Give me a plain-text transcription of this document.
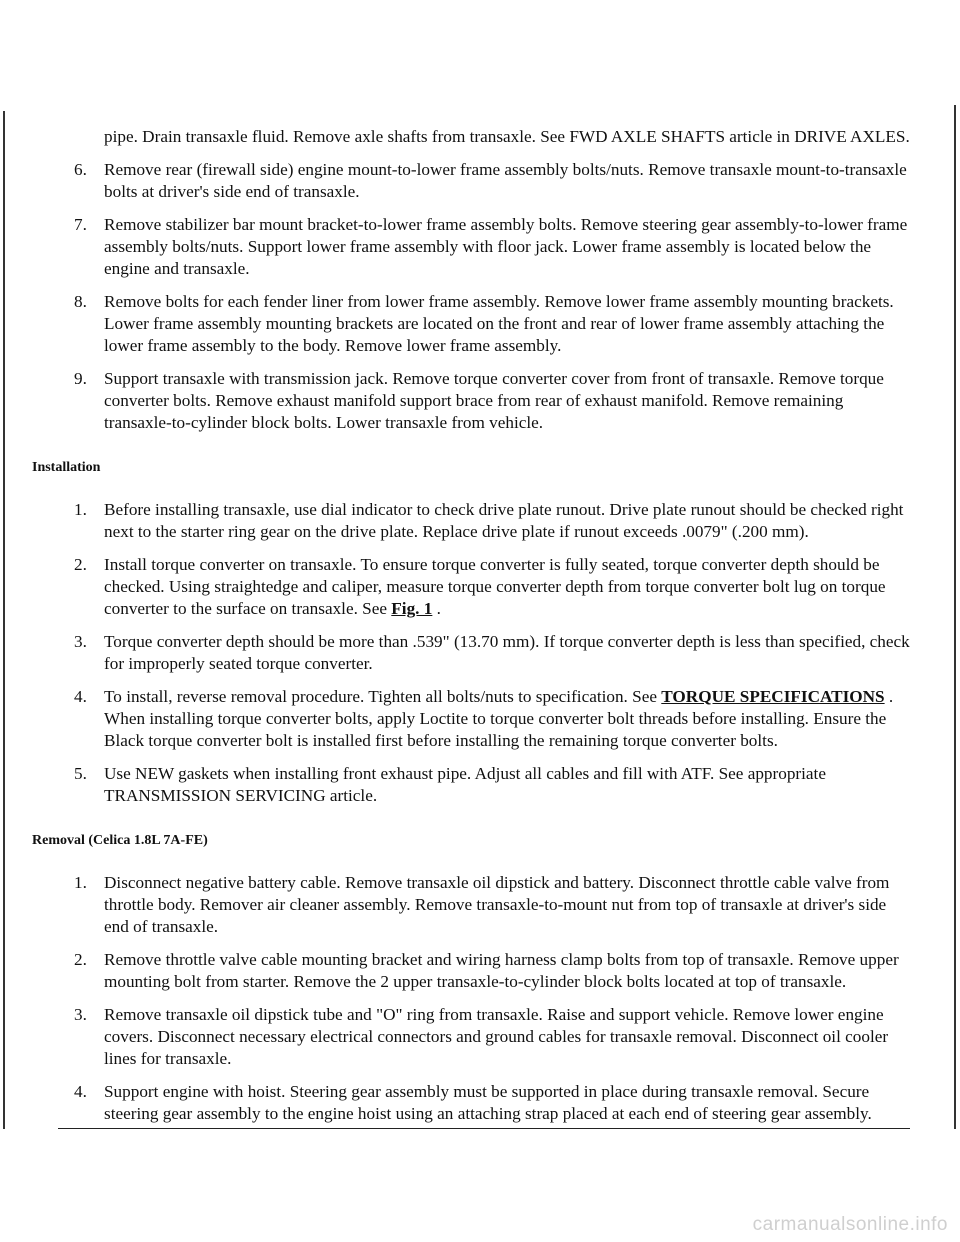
pipe. Drain transaxle fluid. Remove axle shafts from transaxle. See FWD AXLE SHAFTS article in DRIVE AXLES.
6. Remove rear (firewall side) engine mount-to-lower frame assembly bolts/nuts. Remove transaxle mount-to-transaxle bolts at driver's side end of transaxle.
7. Remove stabilizer bar mount bracket-to-lower frame assembly bolts. Remove steering gear assembly-to-lower frame assembly bolts/nuts. Support lower frame assembly with floor jack. Lower frame assembly is located below the engine and transaxle.
8. Remove bolts for each fender liner from lower frame assembly. Remove lower frame assembly mounting brackets. Lower frame assembly mounting brackets are located on the front and rear of lower frame assembly attaching the lower frame assembly to the body. Remove lower frame assembly.
9. Support transaxle with transmission jack. Remove torque converter cover from front of transaxle. Remove torque converter bolts. Remove exhaust manifold support brace from rear of exhaust manifold. Remove remaining transaxle-to-cylinder block bolts. Lower transaxle from vehicle.
Installation
1. Before installing transaxle, use dial indicator to check drive plate runout. Drive plate runout should be checked right next to the starter ring gear on the drive plate. Replace drive plate if runout exceeds .0079" (.200 mm).
2. Install torque converter on transaxle. To ensure torque converter is fully seated, torque converter depth should be checked. Using straightedge and caliper, measure torque converter depth from torque converter bolt lug on torque converter to the surface on transaxle. See Fig. 1 .
3. Torque converter depth should be more than .539" (13.70 mm). If torque converter depth is less than specified, check for improperly seated torque converter.
4. To install, reverse removal procedure. Tighten all bolts/nuts to specification. See TORQUE SPECIFICATIONS . When installing torque converter bolts, apply Loctite to torque converter bolt threads before installing. Ensure the Black torque converter bolt is installed first before installing the remaining torque converter bolts.
5. Use NEW gaskets when installing front exhaust pipe. Adjust all cables and fill with ATF. See appropriate TRANSMISSION SERVICING article.
Removal (Celica 1.8L 7A-FE)
1. Disconnect negative battery cable. Remove transaxle oil dipstick and battery. Disconnect throttle cable valve from throttle body. Remover air cleaner assembly. Remove transaxle-to-mount nut from top of transaxle at driver's side end of transaxle.
2. Remove throttle valve cable mounting bracket and wiring harness clamp bolts from top of transaxle. Remove upper mounting bolt from starter. Remove the 2 upper transaxle-to-cylinder block bolts located at top of transaxle.
3. Remove transaxle oil dipstick tube and "O" ring from transaxle. Raise and support vehicle. Remove lower engine covers. Disconnect necessary electrical connectors and ground cables for transaxle removal. Disconnect oil cooler lines for transaxle.
4. Support engine with hoist. Steering gear assembly must be supported in place during transaxle removal. Secure steering gear assembly to the engine hoist using an attaching strap placed at each end of steering gear assembly.
carmanualsonline.info
